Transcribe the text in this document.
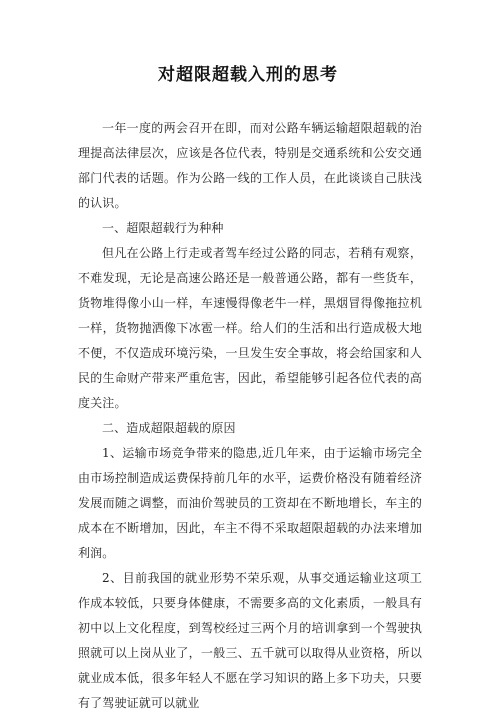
对超限超载入刑的思考

一年一度的两会召开在即，而对公路车辆运输超限超载的治理提高法律层次，应该是各位代表，特别是交通系统和公安交通部门代表的话题。作为公路一线的工作人员，在此谈谈自己肤浅的认识。

一、超限超载行为种种

但凡在公路上行走或者驾车经过公路的同志，若稍有观察，不难发现，无论是高速公路还是一般普通公路，都有一些货车，货物堆得像小山一样，车速慢得像老牛一样，黑烟冒得像拖拉机一样，货物抛洒像下冰雹一样。给人们的生活和出行造成极大地不便，不仅造成环境污染，一旦发生安全事故，将会给国家和人民的生命财产带来严重危害，因此，希望能够引起各位代表的高度关注。

二、造成超限超载的原因

1、运输市场竞争带来的隐患,近几年来，由于运输市场完全由市场控制造成运费保持前几年的水平，运费价格没有随着经济发展而随之调整，而油价驾驶员的工资却在不断地增长，车主的成本在不断增加，因此，车主不得不采取超限超载的办法来增加利润。

2、目前我国的就业形势不荣乐观，从事交通运输业这项工作成本较低，只要身体健康，不需要多高的文化素质，一般具有初中以上文化程度，到驾校经过三两个月的培训拿到一个驾驶执照就可以上岗从业了，一般三、五千就可以取得从业资格，所以就业成本低，很多年轻人不愿在学习知识的路上多下功夫，只要有了驾驶证就可以就业
